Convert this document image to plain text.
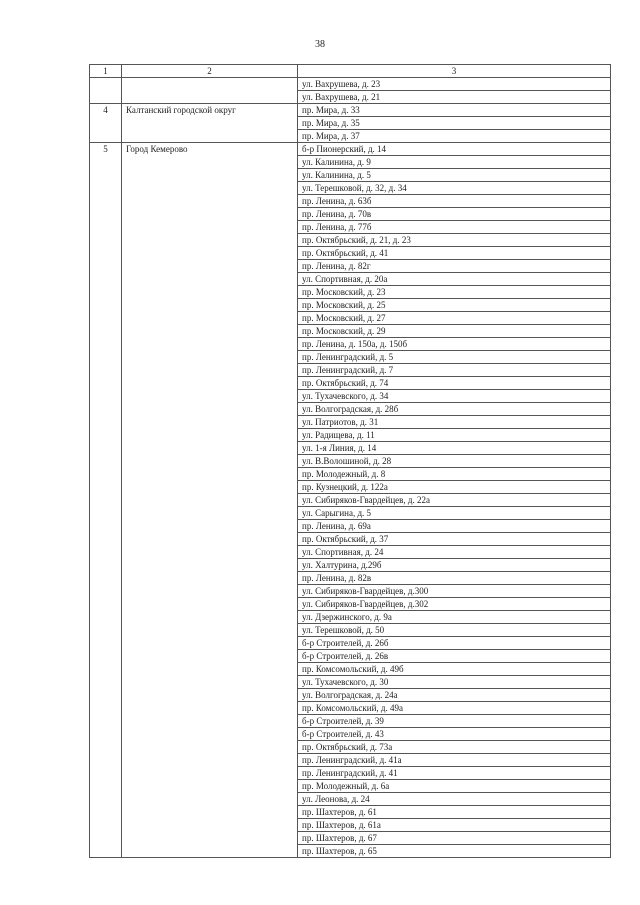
38
1	2	3
		ул. Вахрушева, д. 23
		ул. Вахрушева, д. 21
4	Калтанский городской округ	пр. Мира, д. 33
		пр. Мира, д. 35
		пр. Мира, д. 37
5	Город Кемерово	б-р Пионерский, д. 14
		ул. Калинина, д. 9
		ул. Калинина, д. 5
		ул. Терешковой, д. 32, д. 34
		пр. Ленина, д. 63б
		пр. Ленина, д. 70в
		пр. Ленина, д. 77б
		пр. Октябрьский, д. 21, д. 23
		пр. Октябрьский, д. 41
		пр. Ленина, д. 82г
		ул. Спортивная, д. 20а
		пр. Московский, д. 23
		пр. Московский, д. 25
		пр. Московский, д. 27
		пр. Московский, д. 29
		пр. Ленина, д. 150а, д. 150б
		пр. Ленинградский, д. 5
		пр. Ленинградский, д. 7
		пр. Октябрьский, д. 74
		ул. Тухачевского, д. 34
		ул. Волгоградская, д. 28б
		ул. Патриотов, д. 31
		ул. Радищева, д. 11
		ул. 1-я Линия, д. 14
		ул. В.Волошиной, д. 28
		пр. Молодежный, д. 8
		пр. Кузнецкий, д. 122а
		ул. Сибиряков-Гвардейцев, д. 22а
		ул. Сарыгина, д. 5
		пр. Ленина, д. 69а
		пр. Октябрьский, д. 37
		ул. Спортивная, д. 24
		ул. Халтурина, д.29б
		пр. Ленина, д. 82в
		ул. Сибиряков-Гвардейцев, д.300
		ул. Сибиряков-Гвардейцев, д.302
		ул. Дзержинского, д. 9а
		ул. Терешковой, д. 50
		б-р Строителей, д. 26б
		б-р Строителей, д. 26в
		пр. Комсомольский, д. 49б
		ул. Тухачевского, д. 30
		ул. Волгоградская, д. 24а
		пр. Комсомольский, д. 49а
		б-р Строителей, д. 39
		б-р Строителей, д. 43
		пр. Октябрьский, д. 73а
		пр. Ленинградский, д. 41а
		пр. Ленинградский, д. 41
		пр. Молодежный, д. 6а
		ул. Леонова, д. 24
		пр. Шахтеров, д. 61
		пр. Шахтеров, д. 61а
		пр. Шахтеров, д. 67
		пр. Шахтеров, д. 65
